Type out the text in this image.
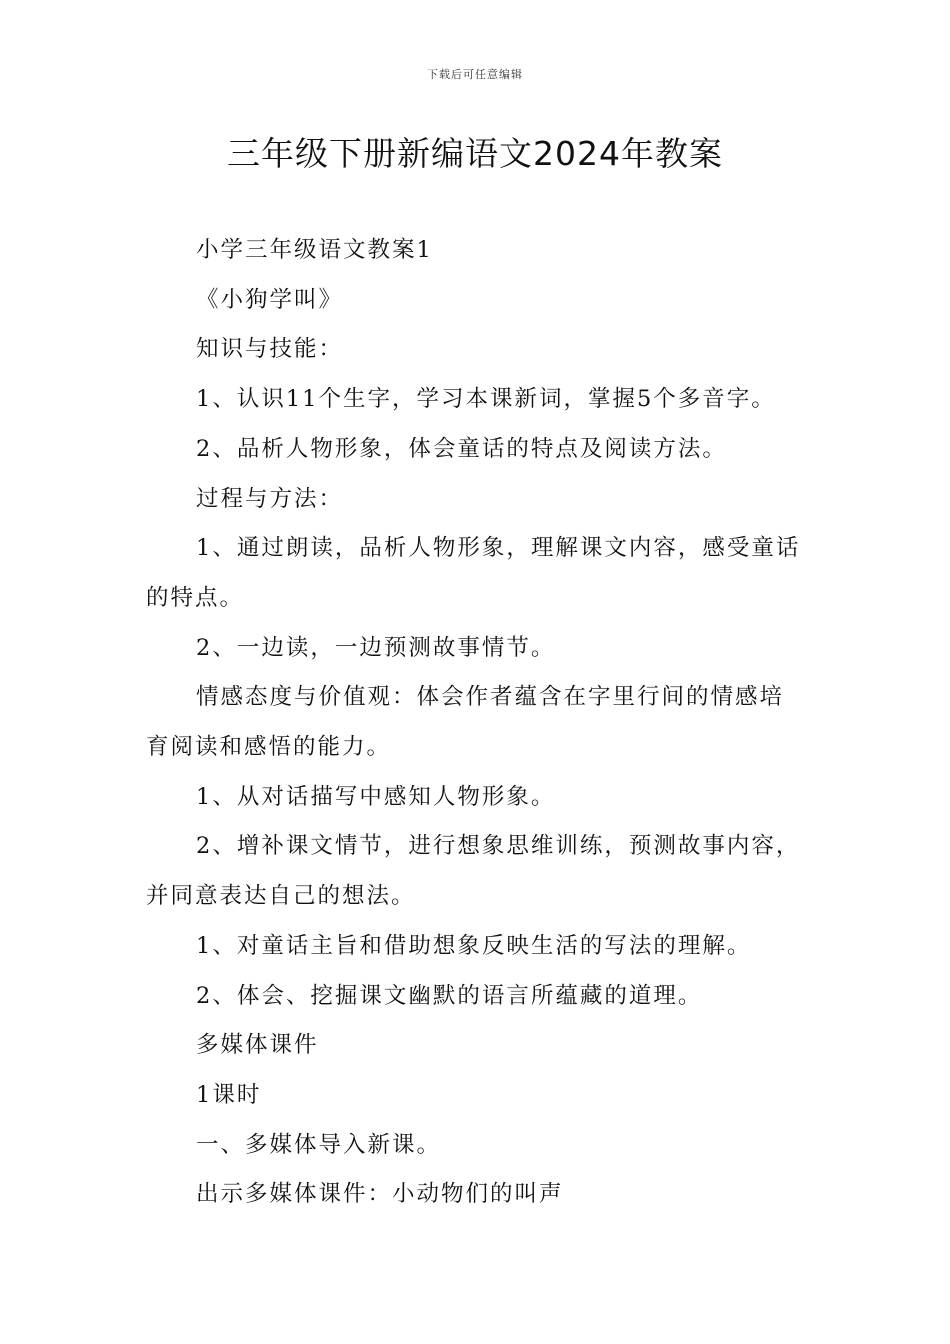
下载后可任意编辑
三年级下册新编语文2024年教案

小学三年级语文教案1

《小狗学叫》

知识与技能：

1、认识11个生字，学习本课新词，掌握5个多音字。

2、品析人物形象，体会童话的特点及阅读方法。

过程与方法：

1、通过朗读，品析人物形象，理解课文内容，感受童话的特点。

2、一边读，一边预测故事情节。

情感态度与价值观：体会作者蕴含在字里行间的情感培育阅读和感悟的能力。

1、从对话描写中感知人物形象。

2、增补课文情节，进行想象思维训练，预测故事内容，并同意表达自己的想法。

1、对童话主旨和借助想象反映生活的写法的理解。

2、体会、挖掘课文幽默的语言所蕴藏的道理。

多媒体课件

1课时

一、多媒体导入新课。

出示多媒体课件：小动物们的叫声
